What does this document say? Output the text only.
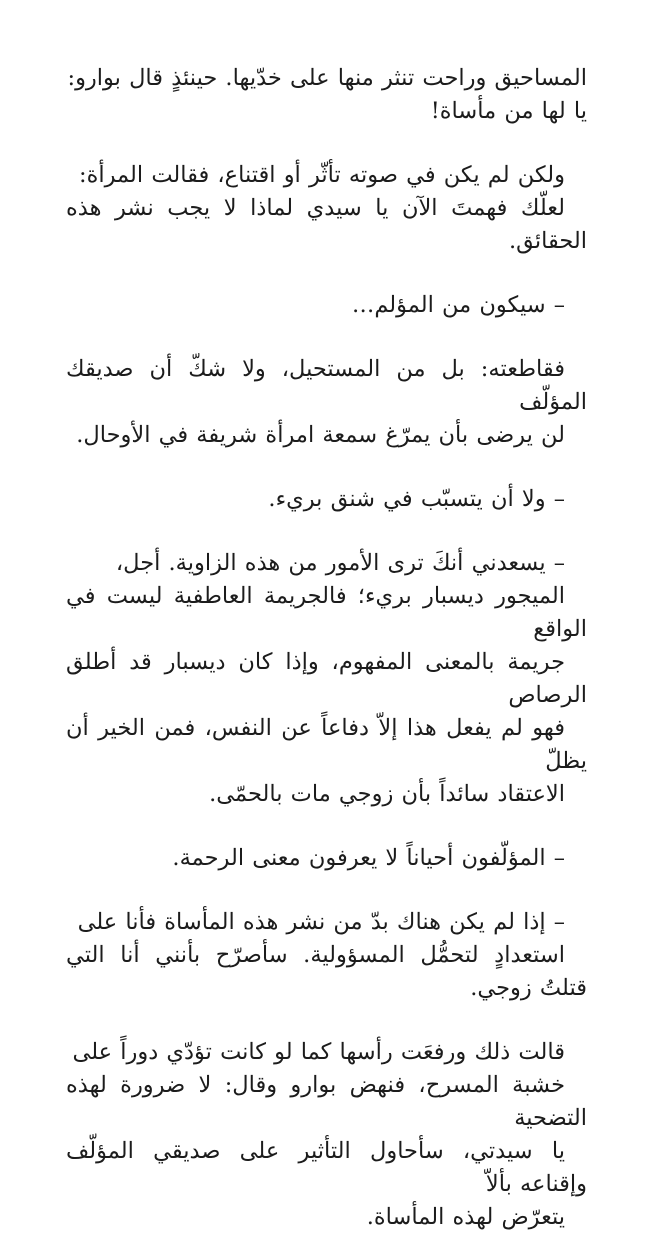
المساحيق وراحت تنثر منها على خدّيها. حينئذٍ قال بوارو:
يا لها من مأساة!

ولكن لم يكن في صوته تأثّر أو اقتناع، فقالت المرأة:
لعلّك فهمتَ الآن يا سيدي لماذا لا يجب نشر هذه الحقائق.

– سيكون من المؤلم…

فقاطعته: بل من المستحيل، ولا شكّ أن صديقك المؤلّف
لن يرضى بأن يمرّغ سمعة امرأة شريفة في الأوحال.

– ولا أن يتسبّب في شنق بريء.

– يسعدني أنكَ ترى الأمور من هذه الزاوية. أجل،
الميجور ديسبار بريء؛ فالجريمة العاطفية ليست في الواقع
جريمة بالمعنى المفهوم، وإذا كان ديسبار قد أطلق الرصاص
فهو لم يفعل هذا إلاّ دفاعاً عن النفس، فمن الخير أن يظلّ
الاعتقاد سائداً بأن زوجي مات بالحمّى.

– المؤلّفون أحياناً لا يعرفون معنى الرحمة.

– إذا لم يكن هناك بدّ من نشر هذه المأساة فأنا على
استعدادٍ لتحمُّل المسؤولية. سأصرّح بأنني أنا التي قتلتُ زوجي.

قالت ذلك ورفعَت رأسها كما لو كانت تؤدّي دوراً على
خشبة المسرح، فنهض بوارو وقال: لا ضرورة لهذه التضحية
يا سيدتي، سأحاول التأثير على صديقي المؤلّف وإقناعه بألاّ
يتعرّض لهذه المأساة.
